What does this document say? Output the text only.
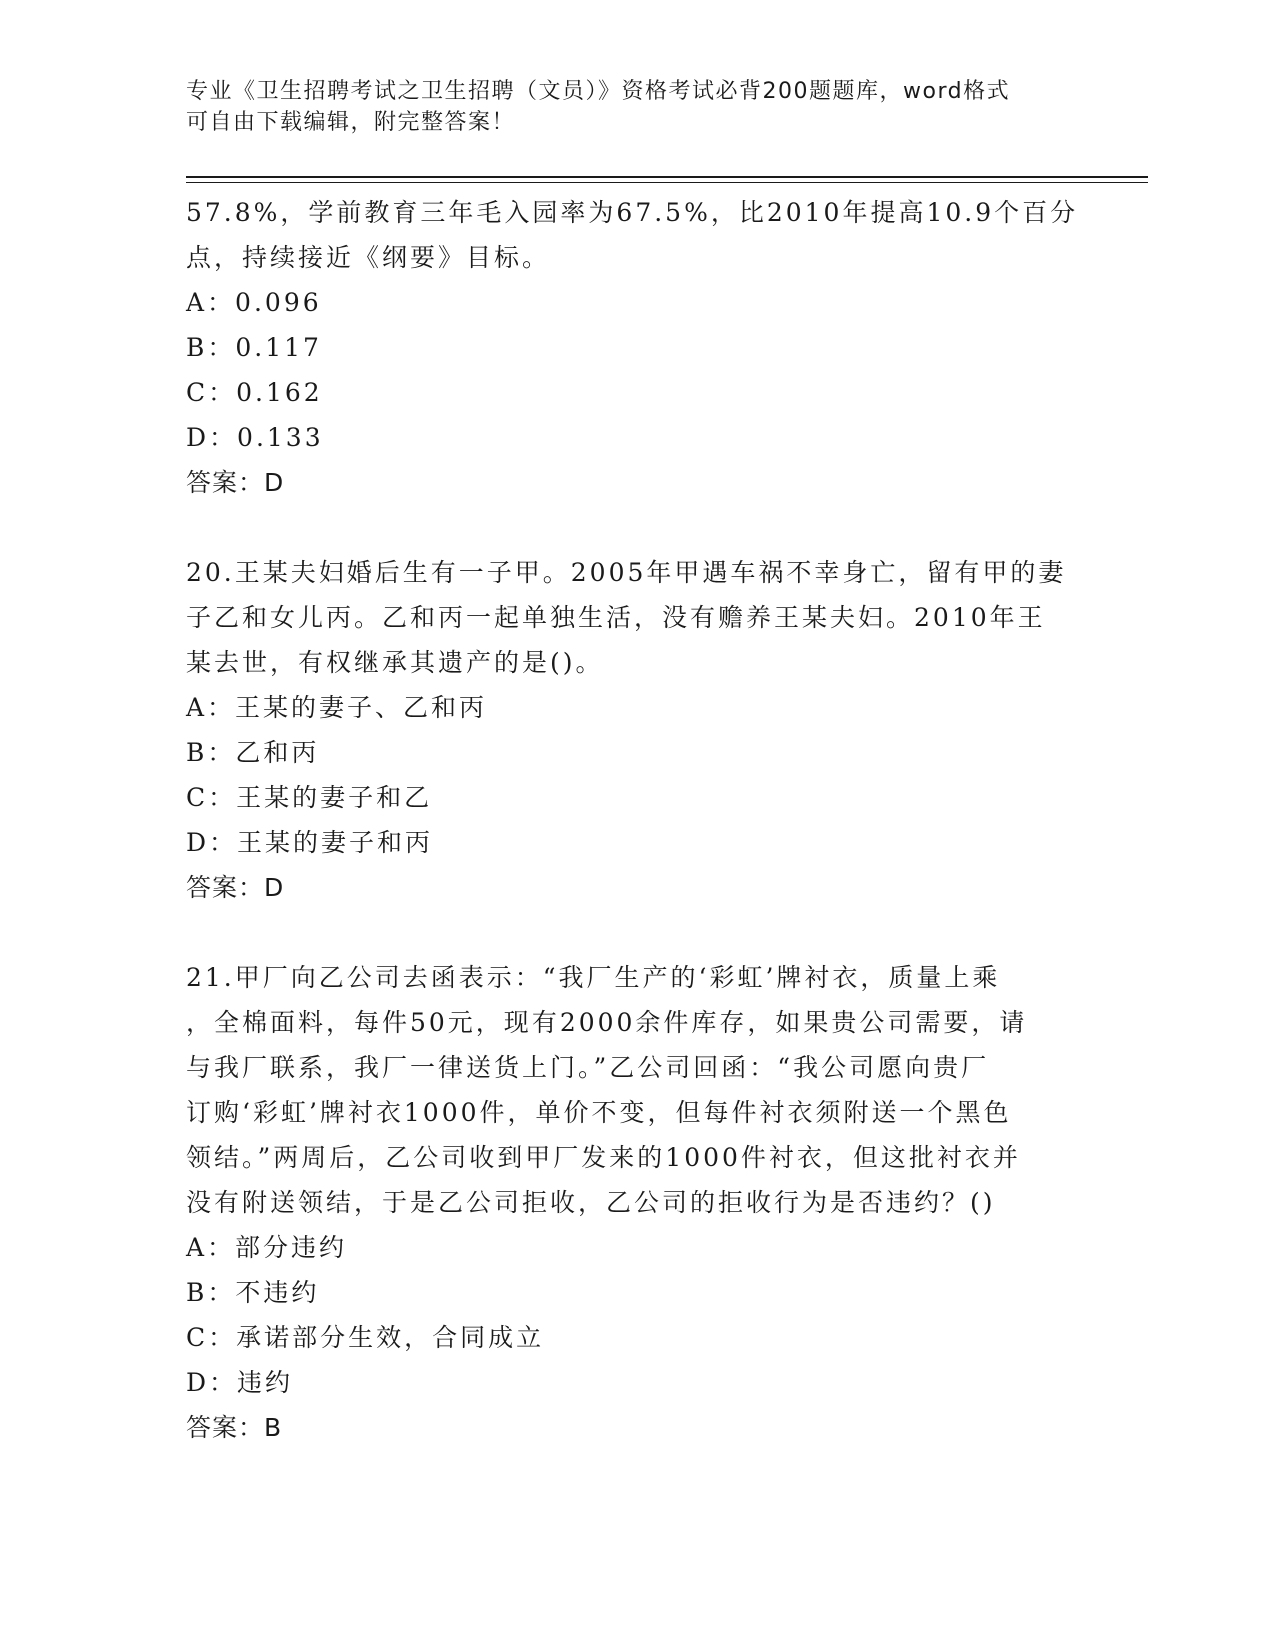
专业《卫生招聘考试之卫生招聘（文员）》资格考试必背200题题库，word格式
可自由下载编辑，附完整答案！
57.8%，学前教育三年毛入园率为67.5%，比2010年提高10.9个百分
点，持续接近《纲要》目标。
A：0.096
B：0.117
C：0.162
D：0.133
答案：D
20.王某夫妇婚后生有一子甲。2005年甲遇车祸不幸身亡，留有甲的妻
子乙和女儿丙。乙和丙一起单独生活，没有赡养王某夫妇。2010年王
某去世，有权继承其遗产的是()。
A：王某的妻子、乙和丙
B：乙和丙
C：王某的妻子和乙
D：王某的妻子和丙
答案：D
21.甲厂向乙公司去函表示：“我厂生产的‘彩虹’牌衬衣，质量上乘
，全棉面料，每件50元，现有2000余件库存，如果贵公司需要，请
与我厂联系，我厂一律送货上门。”乙公司回函：“我公司愿向贵厂
订购‘彩虹’牌衬衣1000件，单价不变，但每件衬衣须附送一个黑色
领结。”两周后，乙公司收到甲厂发来的1000件衬衣，但这批衬衣并
没有附送领结，于是乙公司拒收，乙公司的拒收行为是否违约？()
A：部分违约
B：不违约
C：承诺部分生效，合同成立
D：违约
答案：B
